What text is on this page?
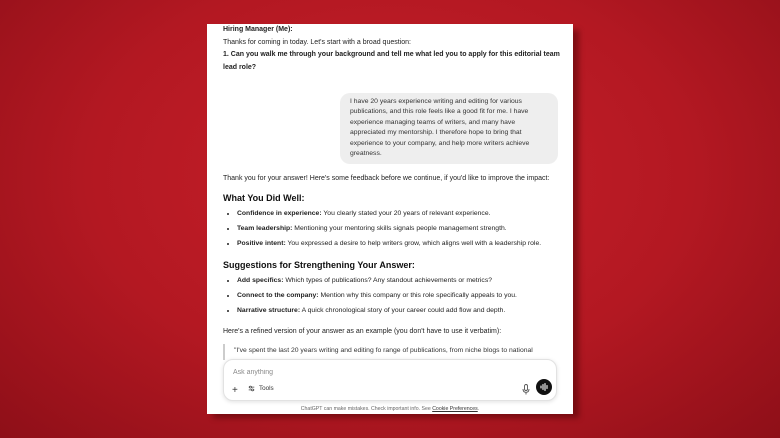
Hiring Manager (Me):
Thanks for coming in today. Let's start with a broad question:
1. Can you walk me through your background and tell me what led you to apply for this editorial team
lead role?
I have 20 years experience writing and editing for various publications, and this role feels like a good fit for me. I have experience managing teams of writers, and many have appreciated my mentorship. I therefore hope to bring that experience to your company, and help more writers achieve greatness.
Thank you for your answer! Here's some feedback before we continue, if you'd like to improve the impact:
What You Did Well:
• Confidence in experience: You clearly stated your 20 years of relevant experience.
• Team leadership: Mentioning your mentoring skills signals people management strength.
• Positive intent: You expressed a desire to help writers grow, which aligns well with a leadership role.
Suggestions for Strengthening Your Answer:
• Add specifics: Which types of publications? Any standout achievements or metrics?
• Connect to the company: Mention why this company or this role specifically appeals to you.
• Narrative structure: A quick chronological story of your career could add flow and depth.
Here's a refined version of your answer as an example (you don't have to use it verbatim):
"I've spent the last 20 years writing and editing fo range of publications, from niche blogs to national
Ask anything
+	Tools
ChatGPT can make mistakes. Check important info. See Cookie Preferences.
